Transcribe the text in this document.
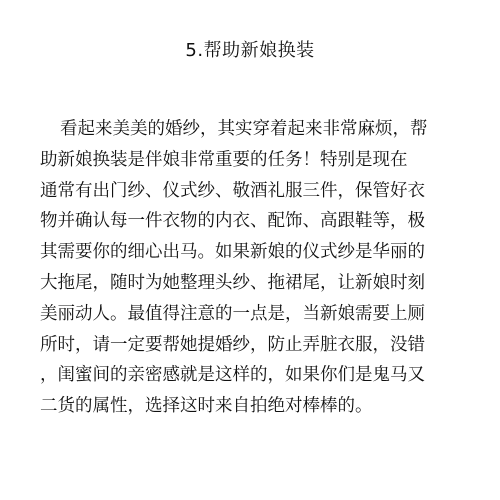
5.帮助新娘换装
看起来美美的婚纱，其实穿着起来非常麻烦，帮
助新娘换装是伴娘非常重要的任务！特别是现在
通常有出门纱、仪式纱、敬酒礼服三件，保管好衣
物并确认每一件衣物的内衣、配饰、高跟鞋等，极
其需要你的细心出马。如果新娘的仪式纱是华丽的
大拖尾，随时为她整理头纱、拖裙尾，让新娘时刻
美丽动人。最值得注意的一点是，当新娘需要上厕
所时，请一定要帮她提婚纱，防止弄脏衣服，没错
，闺蜜间的亲密感就是这样的，如果你们是鬼马又
二货的属性，选择这时来自拍绝对棒棒的。
